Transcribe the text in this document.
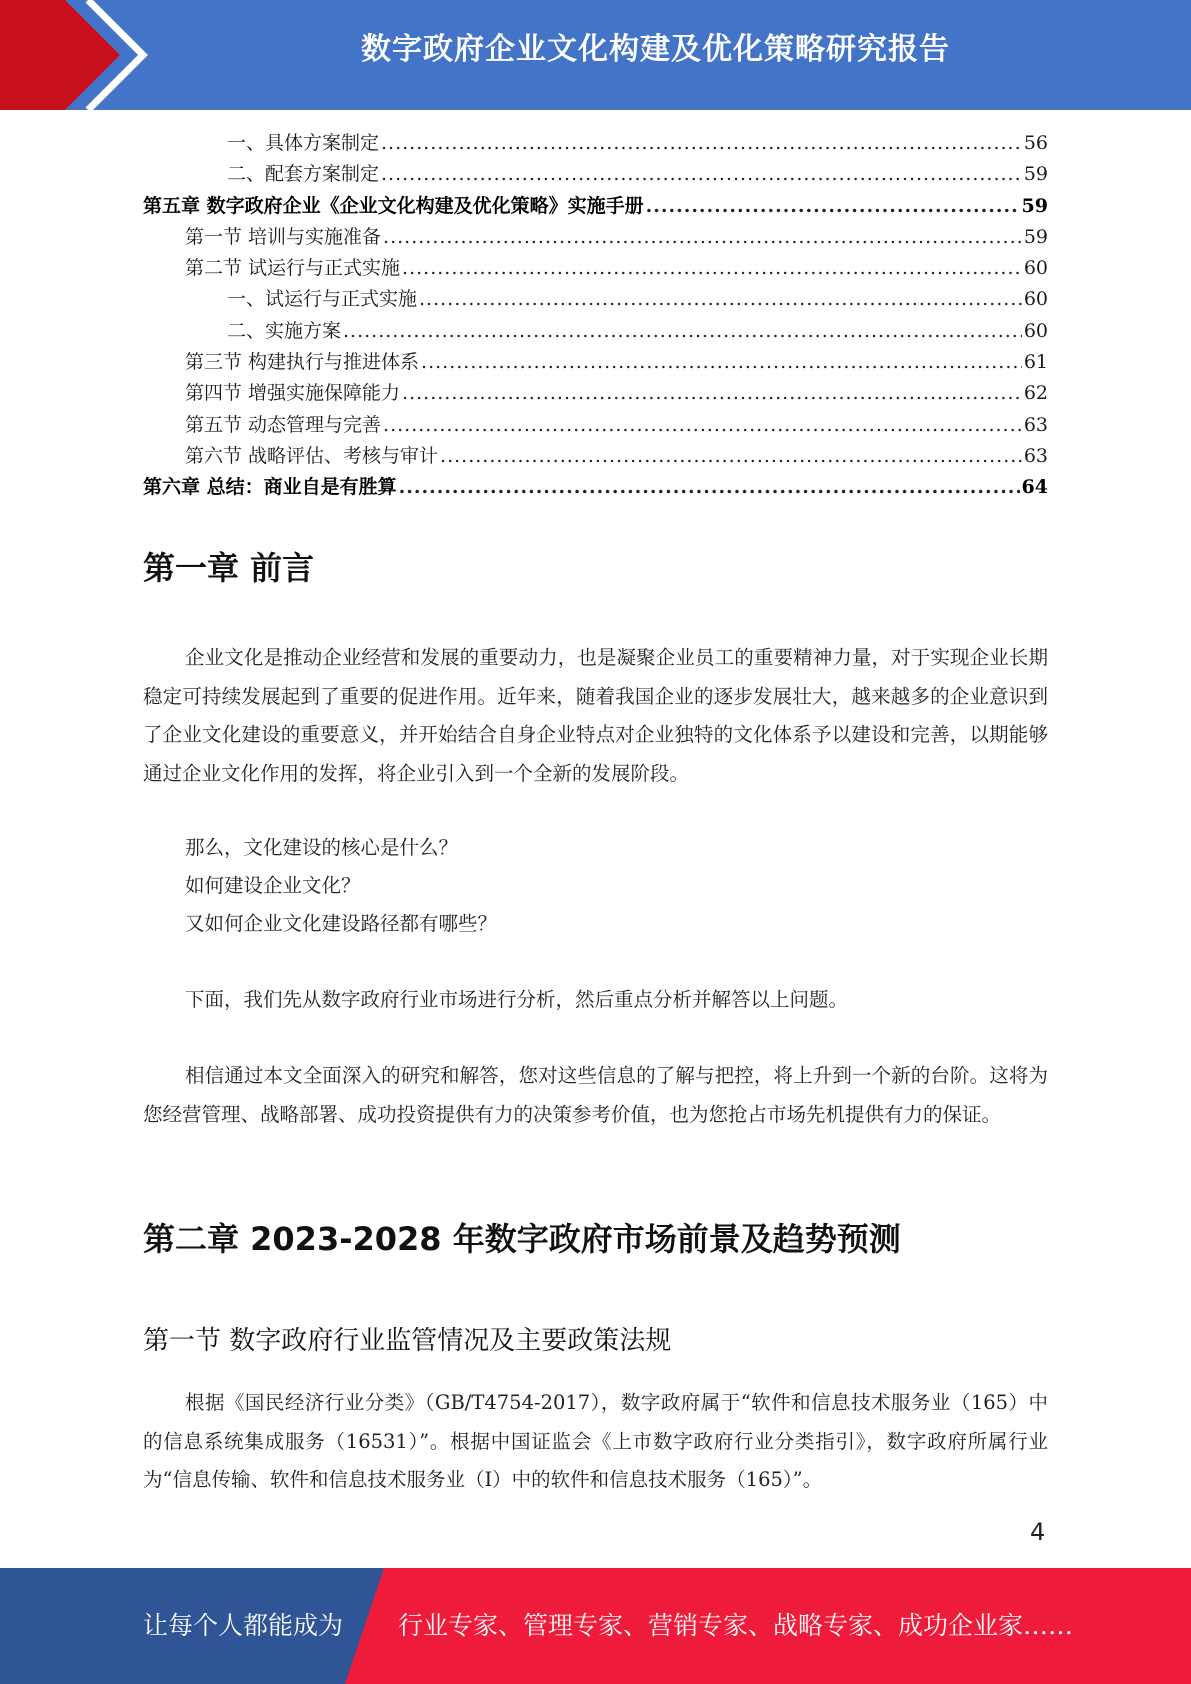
数字政府企业文化构建及优化策略研究报告
一、具体方案制定 .....	56
二、配套方案制定 .....	59
第五章 数字政府企业《企业文化构建及优化策略》实施手册 .....	59
第一节 培训与实施准备 .....	59
第二节 试运行与正式实施 .....	60
一、试运行与正式实施 .....	60
二、实施方案 .....	60
第三节 构建执行与推进体系 .....	61
第四节 增强实施保障能力 .....	62
第五节 动态管理与完善 .....	63
第六节 战略评估、考核与审计 .....	63
第六章 总结：商业自是有胜算 .....	64
第一章 前言

企业文化是推动企业经营和发展的重要动力，也是凝聚企业员工的重要精神力量，对于实现企业长期稳定可持续发展起到了重要的促进作用。近年来，随着我国企业的逐步发展壮大，越来越多的企业意识到了企业文化建设的重要意义，并开始结合自身企业特点对企业独特的文化体系予以建设和完善，以期能够通过企业文化作用的发挥，将企业引入到一个全新的发展阶段。

那么，文化建设的核心是什么？
如何建设企业文化？
又如何企业文化建设路径都有哪些？

下面，我们先从数字政府行业市场进行分析，然后重点分析并解答以上问题。

相信通过本文全面深入的研究和解答，您对这些信息的了解与把控，将上升到一个新的台阶。这将为您经营管理、战略部署、成功投资提供有力的决策参考价值，也为您抢占市场先机提供有力的保证。

第二章 2023-2028 年数字政府市场前景及趋势预测
第一节 数字政府行业监管情况及主要政策法规

根据《国民经济行业分类》（GB/T4754-2017），数字政府属于“软件和信息技术服务业（165）中的信息系统集成服务（16531）”。根据中国证监会《上市数字政府行业分类指引》，数字政府所属行业为“信息传输、软件和信息技术服务业（I）中的软件和信息技术服务（165）”。

4
让每个人都能成为 行业专家、管理专家、营销专家、战略专家、成功企业家……
